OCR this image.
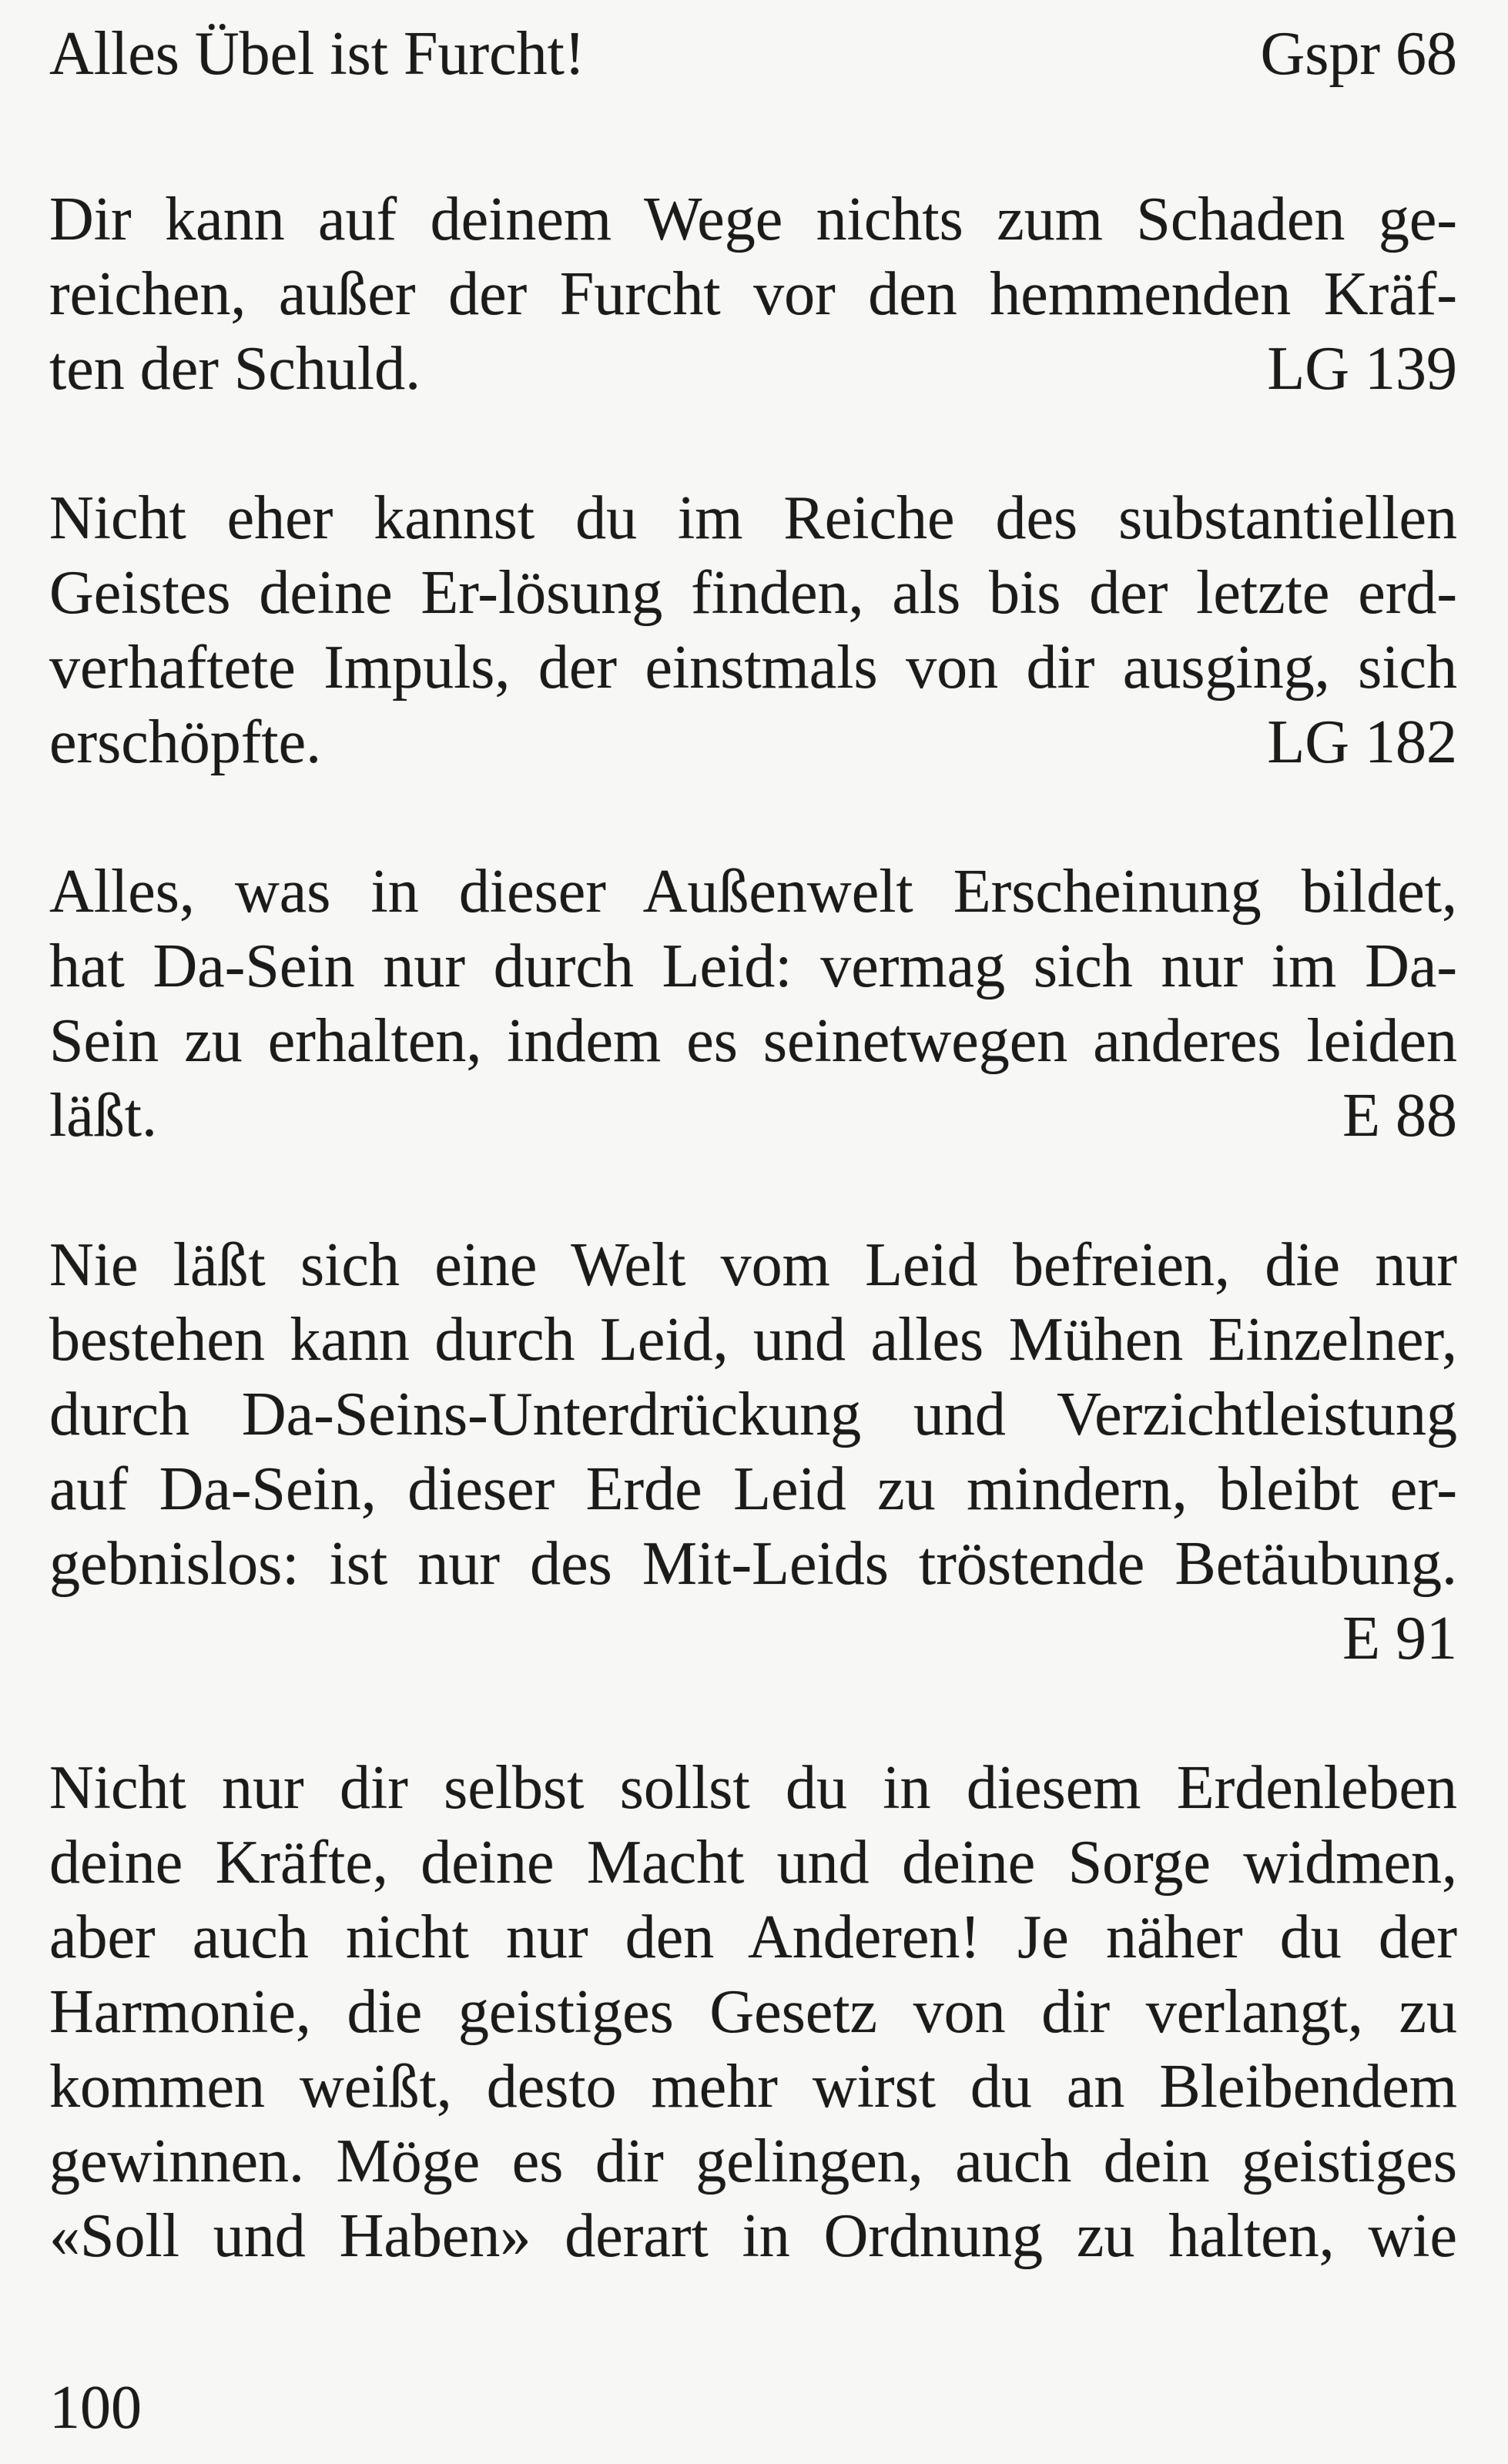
Alles Übel ist Furcht!	Gspr 68
Dir kann auf deinem Wege nichts zum Schaden ge-
reichen, außer der Furcht vor den hemmenden Kräf-
ten der Schuld.	LG 139
Nicht eher kannst du im Reiche des substantiellen
Geistes deine Er-lösung finden, als bis der letzte erd-
verhaftete Impuls, der einstmals von dir ausging, sich
erschöpfte.	LG 182
Alles, was in dieser Außenwelt Erscheinung bildet,
hat Da-Sein nur durch Leid: vermag sich nur im Da-
Sein zu erhalten, indem es seinetwegen anderes leiden
läßt.	E 88
Nie läßt sich eine Welt vom Leid befreien, die nur
bestehen kann durch Leid, und alles Mühen Einzelner,
durch Da-Seins-Unterdrückung und Verzichtleistung
auf Da-Sein, dieser Erde Leid zu mindern, bleibt er-
gebnislos: ist nur des Mit-Leids tröstende Betäubung.
E 91
Nicht nur dir selbst sollst du in diesem Erdenleben
deine Kräfte, deine Macht und deine Sorge widmen,
aber auch nicht nur den Anderen! Je näher du der
Harmonie, die geistiges Gesetz von dir verlangt, zu
kommen weißt, desto mehr wirst du an Bleibendem
gewinnen. Möge es dir gelingen, auch dein geistiges
«Soll und Haben» derart in Ordnung zu halten, wie
100
